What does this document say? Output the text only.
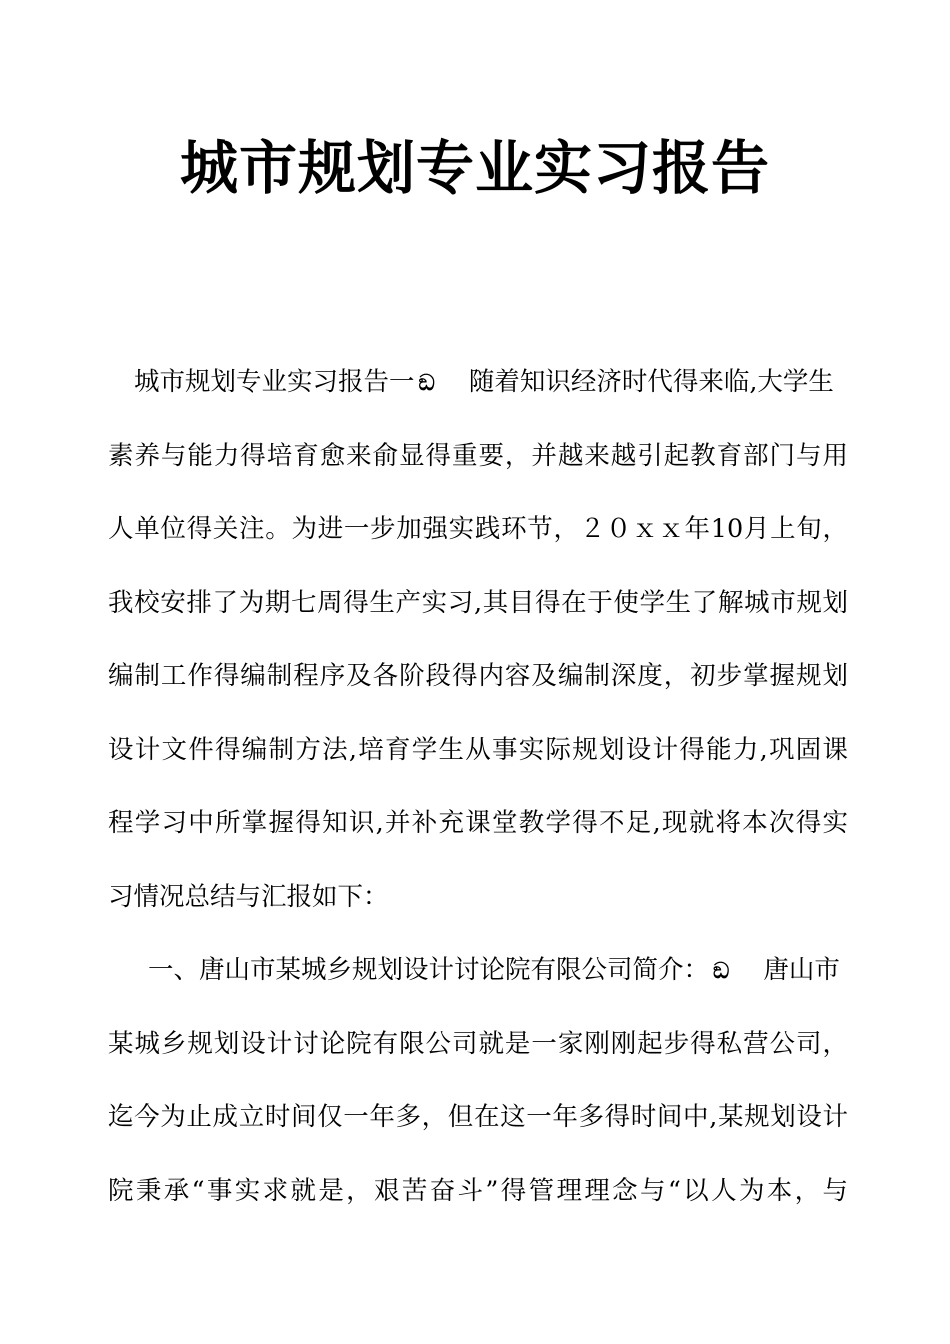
城市规划专业实习报告
城市规划专业实习报告一 ඞ 随着知识经济时代得来临,大学生
素养与能力得培育愈来俞显得重要，并越来越引起教育部门与用
人单位得关注。为进一步加强实践环节，２０ｘｘ年10月上旬，
我校安排了为期七周得生产实习,其目得在于使学生了解城市规划
编制工作得编制程序及各阶段得内容及编制深度，初步掌握规划
设计文件得编制方法,培育学生从事实际规划设计得能力,巩固课
程学习中所掌握得知识,并补充课堂教学得不足,现就将本次得实
习情况总结与汇报如下：
一、唐山市某城乡规划设计讨论院有限公司简介： ඞ 唐山市
某城乡规划设计讨论院有限公司就是一家刚刚起步得私营公司，
迄今为止成立时间仅一年多，但在这一年多得时间中,某规划设计
院秉承“事实求就是，艰苦奋斗”得管理理念与“以人为本，与
